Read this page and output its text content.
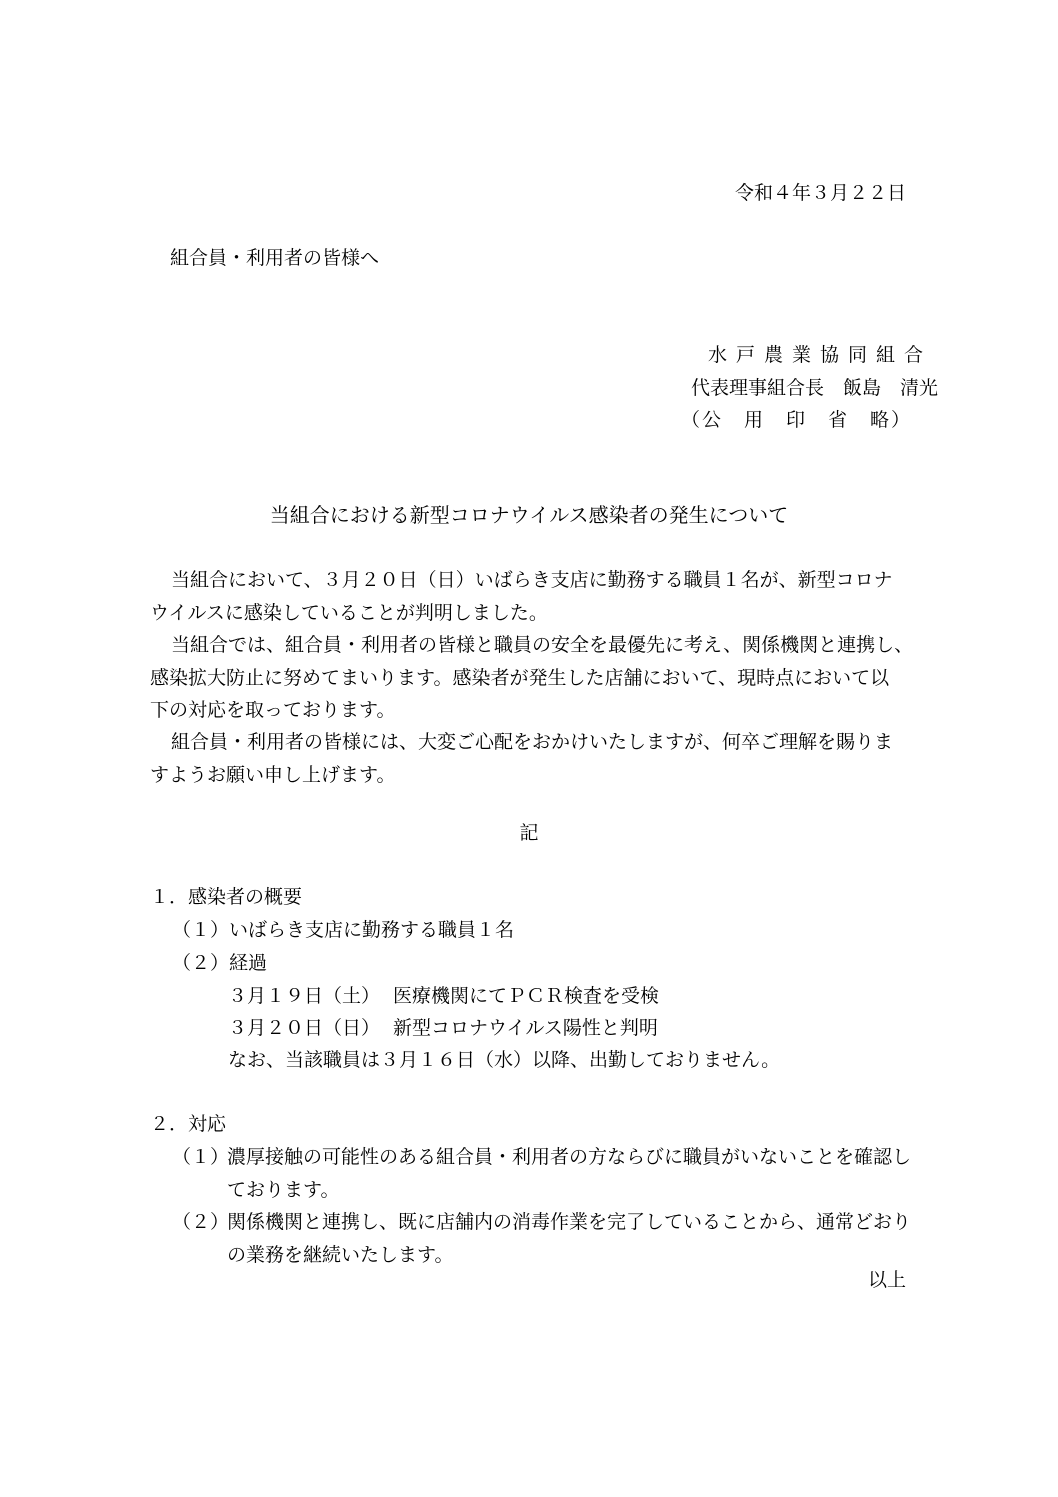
令和４年３月２２日

組合員・利用者の皆様へ

水戸農業協同組合

代表理事組合長　飯島　清光

（公　用　印　省　略）

当組合における新型コロナウイルス感染者の発生について
当組合において、３月２０日（日）いばらき支店に勤務する職員１名が、新型コロナ
ウイルスに感染していることが判明しました。
当組合では、組合員・利用者の皆様と職員の安全を最優先に考え、関係機関と連携し、
感染拡大防止に努めてまいります。感染者が発生した店舗において、現時点において以
下の対応を取っております。
組合員・利用者の皆様には、大変ご心配をおかけいたしますが、何卒ご理解を賜りま
すようお願い申し上げます。

記

１．感染者の概要

（１）いばらき支店に勤務する職員１名

（２）経過

３月１９日（土） 医療機関にてＰＣＲ検査を受検

３月２０日（日） 新型コロナウイルス陽性と判明

なお、当該職員は３月１６日（水）以降、出勤しておりません。

２．対応

（１）
濃厚接触の可能性のある組合員・利用者の方ならびに職員がいないことを確認し
ております。
（２）
関係機関と連携し、既に店舗内の消毒作業を完了していることから、通常どおり
の業務を継続いたします。

以上
